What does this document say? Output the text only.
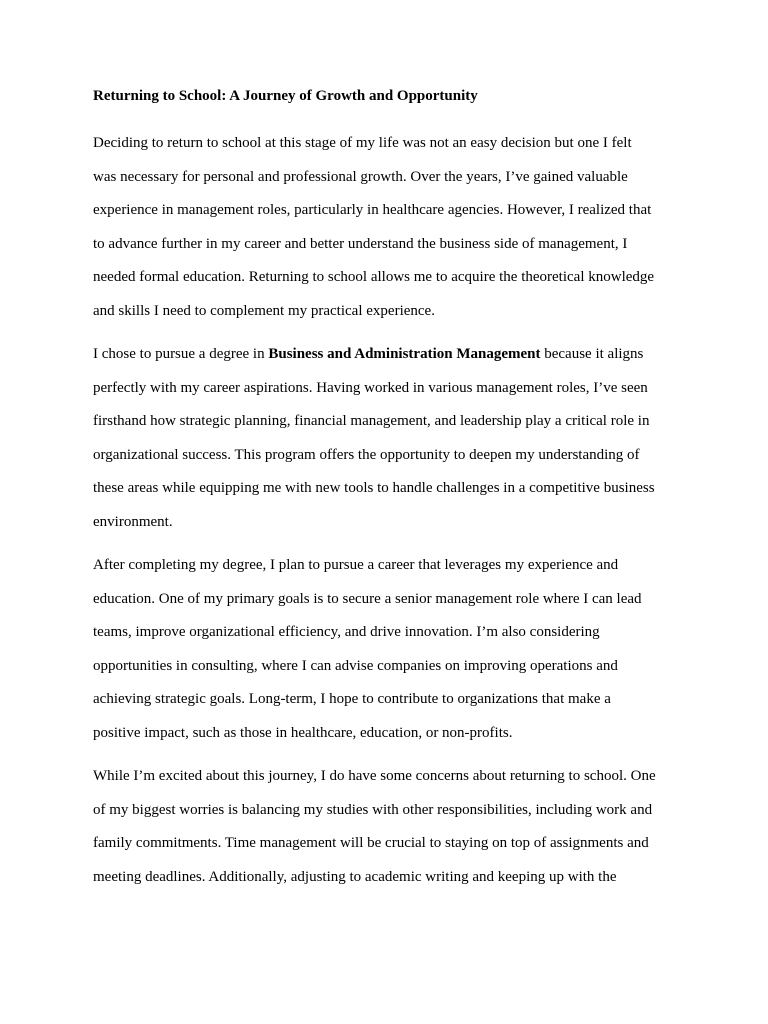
Returning to School: A Journey of Growth and Opportunity
Deciding to return to school at this stage of my life was not an easy decision but one I felt
was necessary for personal and professional growth. Over the years, I’ve gained valuable
experience in management roles, particularly in healthcare agencies. However, I realized that
to advance further in my career and better understand the business side of management, I
needed formal education. Returning to school allows me to acquire the theoretical knowledge
and skills I need to complement my practical experience.
I chose to pursue a degree in Business and Administration Management because it aligns
perfectly with my career aspirations. Having worked in various management roles, I’ve seen
firsthand how strategic planning, financial management, and leadership play a critical role in
organizational success. This program offers the opportunity to deepen my understanding of
these areas while equipping me with new tools to handle challenges in a competitive business
environment.
After completing my degree, I plan to pursue a career that leverages my experience and
education. One of my primary goals is to secure a senior management role where I can lead
teams, improve organizational efficiency, and drive innovation. I’m also considering
opportunities in consulting, where I can advise companies on improving operations and
achieving strategic goals. Long-term, I hope to contribute to organizations that make a
positive impact, such as those in healthcare, education, or non-profits.
While I’m excited about this journey, I do have some concerns about returning to school. One
of my biggest worries is balancing my studies with other responsibilities, including work and
family commitments. Time management will be crucial to staying on top of assignments and
meeting deadlines. Additionally, adjusting to academic writing and keeping up with the
